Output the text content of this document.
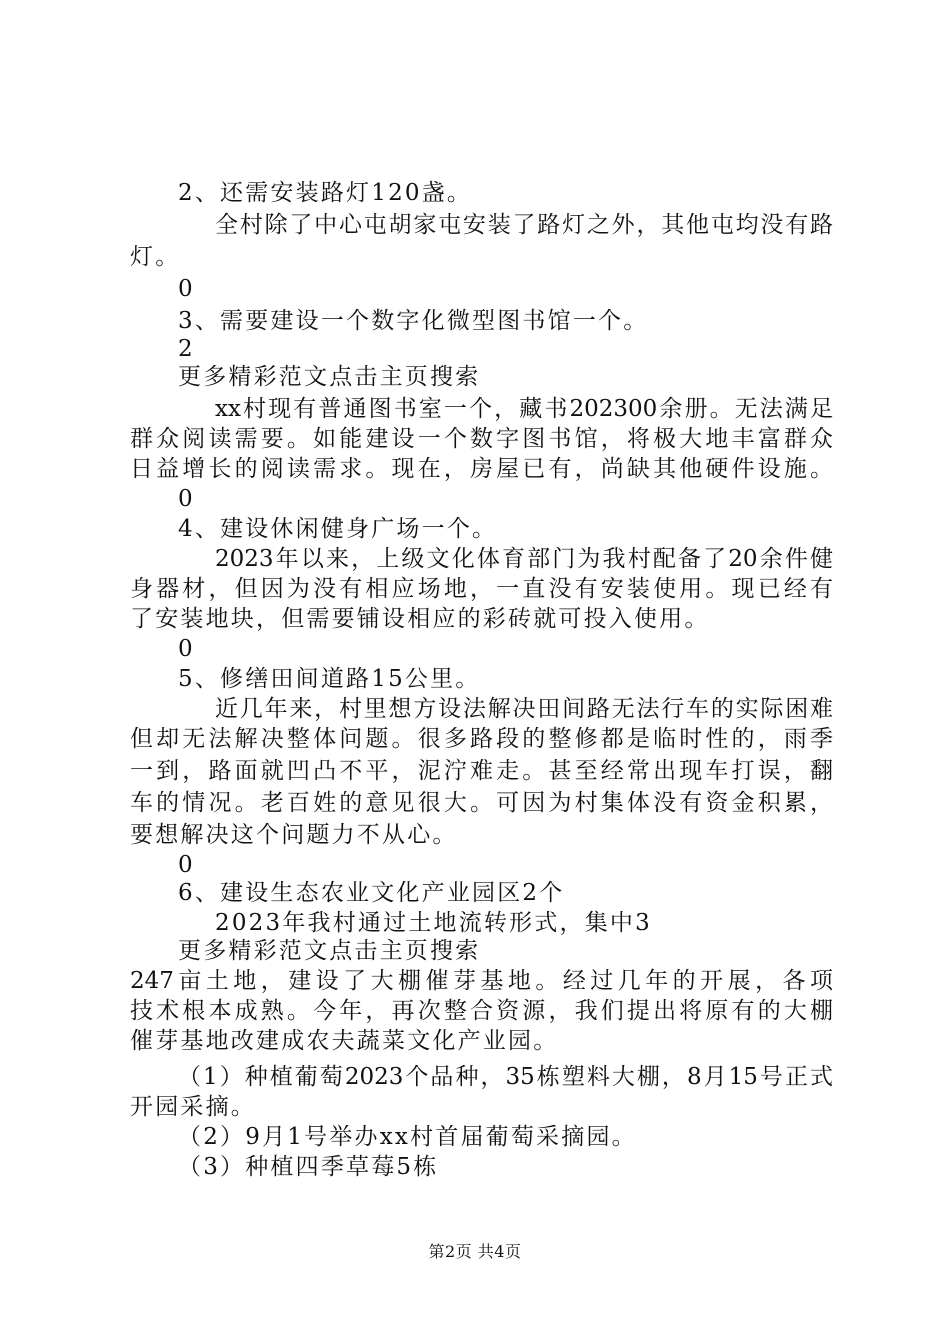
2、还需安装路灯120盏。
全村除了中心屯胡家屯安装了路灯之外，其他屯均没有路
灯。
0
3、需要建设一个数字化微型图书馆一个。
2
更多精彩范文点击主页搜索
xx村现有普通图书室一个，藏书202300余册。无法满足
群众阅读需要。如能建设一个数字图书馆，将极大地丰富群众
日益增长的阅读需求。现在，房屋已有，尚缺其他硬件设施。
0
4、建设休闲健身广场一个。
2023年以来，上级文化体育部门为我村配备了20余件健
身器材，但因为没有相应场地，一直没有安装使用。现已经有
了安装地块，但需要铺设相应的彩砖就可投入使用。
0
5、修缮田间道路15公里。
近几年来，村里想方设法解决田间路无法行车的实际困难
但却无法解决整体问题。很多路段的整修都是临时性的，雨季
一到，路面就凹凸不平，泥泞难走。甚至经常出现车打误，翻
车的情况。老百姓的意见很大。可因为村集体没有资金积累，
要想解决这个问题力不从心。
0
6、建设生态农业文化产业园区2个
2023年我村通过土地流转形式，集中3
更多精彩范文点击主页搜索
247亩土地，建设了大棚催芽基地。经过几年的开展，各项
技术根本成熟。今年，再次整合资源，我们提出将原有的大棚
催芽基地改建成农夫蔬菜文化产业园。
（1）种植葡萄2023个品种，35栋塑料大棚，8月15号正式
开园采摘。
（2）9月1号举办xx村首届葡萄采摘园。
（3）种植四季草莓5栋
第2页 共4页
